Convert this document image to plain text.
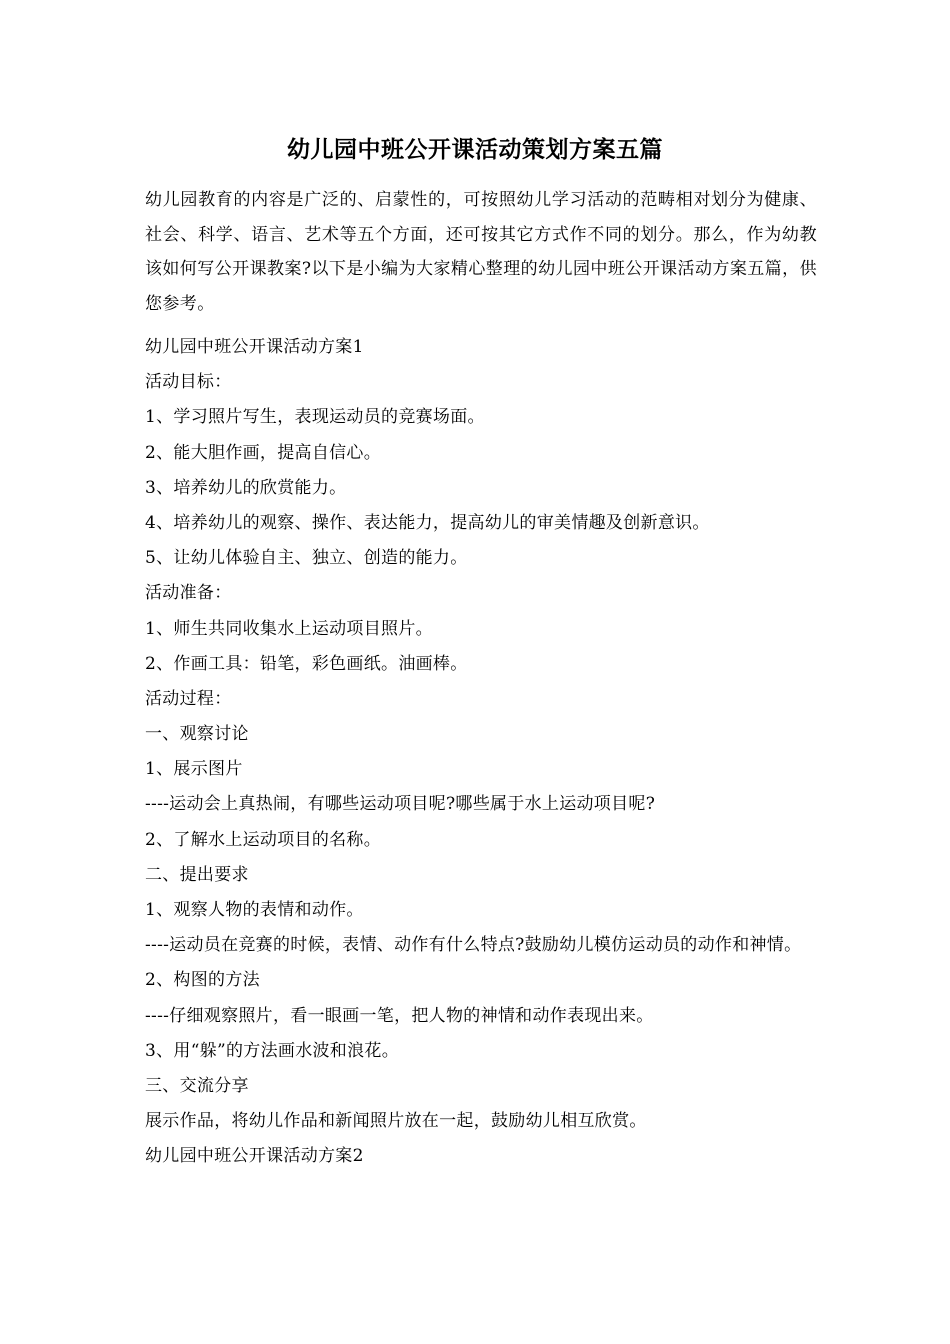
幼儿园中班公开课活动策划方案五篇

幼儿园教育的内容是广泛的、启蒙性的，可按照幼儿学习活动的范畴相对划分为健康、社会、科学、语言、艺术等五个方面，还可按其它方式作不同的划分。那么，作为幼教该如何写公开课教案?以下是小编为大家精心整理的幼儿园中班公开课活动方案五篇，供您参考。

幼儿园中班公开课活动方案1
活动目标：
1、学习照片写生，表现运动员的竞赛场面。
2、能大胆作画，提高自信心。
3、培养幼儿的欣赏能力。
4、培养幼儿的观察、操作、表达能力，提高幼儿的审美情趣及创新意识。
5、让幼儿体验自主、独立、创造的能力。
活动准备：
1、师生共同收集水上运动项目照片。
2、作画工具：铅笔，彩色画纸。油画棒。
活动过程：
一、观察讨论
1、展示图片
----运动会上真热闹，有哪些运动项目呢?哪些属于水上运动项目呢?
2、了解水上运动项目的名称。
二、提出要求
1、观察人物的表情和动作。
----运动员在竞赛的时候，表情、动作有什么特点?鼓励幼儿模仿运动员的动作和神情。
2、构图的方法
----仔细观察照片，看一眼画一笔，把人物的神情和动作表现出来。
3、用“躲”的方法画水波和浪花。
三、交流分享
展示作品，将幼儿作品和新闻照片放在一起，鼓励幼儿相互欣赏。
幼儿园中班公开课活动方案2
